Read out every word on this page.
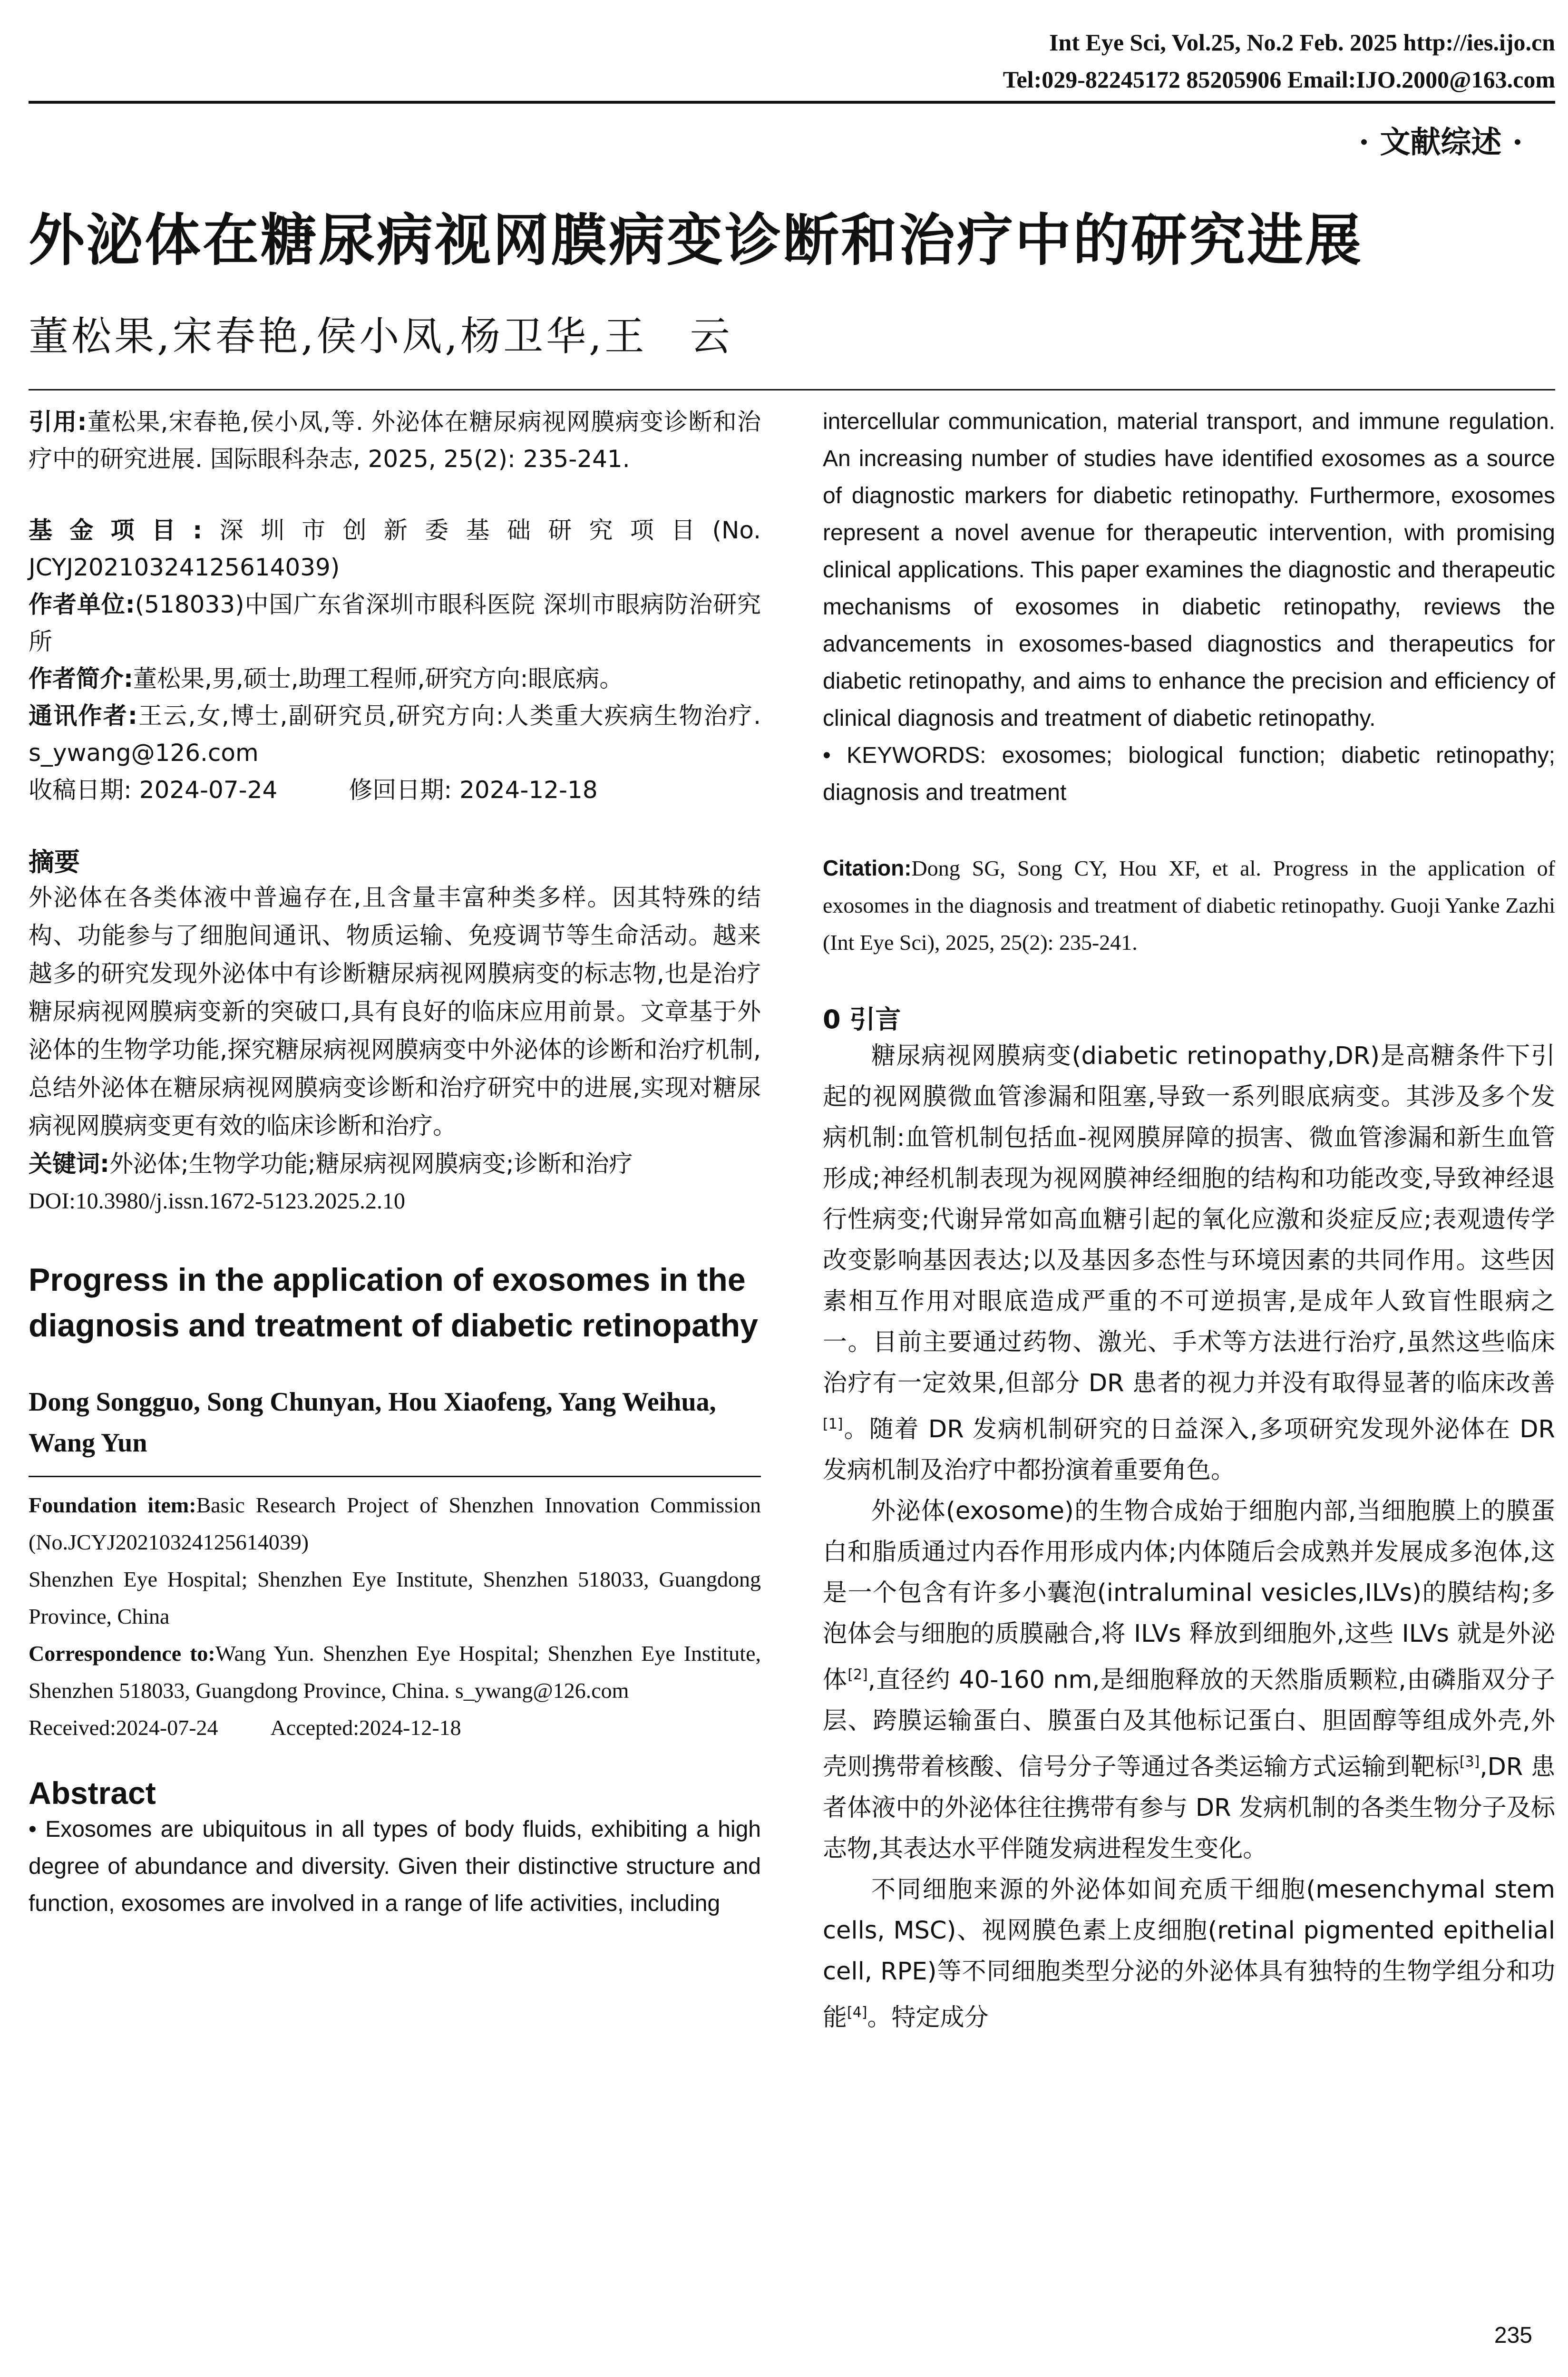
Int Eye Sci, Vol.25, No.2 Feb. 2025 http://ies.ijo.cn
Tel:029-82245172 85205906 Email:IJO.2000@163.com
· 文献综述 ·
外泌体在糖尿病视网膜病变诊断和治疗中的研究进展
董松果,宋春艳,侯小凤,杨卫华,王　云

引用:董松果,宋春艳,侯小凤,等. 外泌体在糖尿病视网膜病变诊断和治疗中的研究进展. 国际眼科杂志, 2025, 25(2): 235-241.

基金项目:深圳市创新委基础研究项目(No. JCYJ20210324125614039)

作者单位:(518033)中国广东省深圳市眼科医院 深圳市眼病防治研究所

作者简介:董松果,男,硕士,助理工程师,研究方向:眼底病。

通讯作者:王云,女,博士,副研究员,研究方向:人类重大疾病生物治疗. s_ywang@126.com

收稿日期: 2024-07-24	修回日期: 2024-12-18

摘要

外泌体在各类体液中普遍存在,且含量丰富种类多样。因其特殊的结构、功能参与了细胞间通讯、物质运输、免疫调节等生命活动。越来越多的研究发现外泌体中有诊断糖尿病视网膜病变的标志物,也是治疗糖尿病视网膜病变新的突破口,具有良好的临床应用前景。文章基于外泌体的生物学功能,探究糖尿病视网膜病变中外泌体的诊断和治疗机制,总结外泌体在糖尿病视网膜病变诊断和治疗研究中的进展,实现对糖尿病视网膜病变更有效的临床诊断和治疗。

关键词:外泌体;生物学功能;糖尿病视网膜病变;诊断和治疗

DOI:10.3980/j.issn.1672-5123.2025.2.10

Progress in the application of exosomes in the diagnosis and treatment of diabetic retinopathy

Dong Songguo, Song Chunyan, Hou Xiaofeng, Yang Weihua, Wang Yun

Foundation item:Basic Research Project of Shenzhen Innovation Commission (No.JCYJ20210324125614039)

Shenzhen Eye Hospital; Shenzhen Eye Institute, Shenzhen 518033, Guangdong Province, China

Correspondence to:Wang Yun. Shenzhen Eye Hospital; Shenzhen Eye Institute, Shenzhen 518033, Guangdong Province, China. s_ywang@126.com

Received:2024-07-24 Accepted:2024-12-18

Abstract

• Exosomes are ubiquitous in all types of body fluids, exhibiting a high degree of abundance and diversity. Given their distinctive structure and function, exosomes are involved in a range of life activities, including

intercellular communication, material transport, and immune regulation. An increasing number of studies have identified exosomes as a source of diagnostic markers for diabetic retinopathy. Furthermore, exosomes represent a novel avenue for therapeutic intervention, with promising clinical applications. This paper examines the diagnostic and therapeutic mechanisms of exosomes in diabetic retinopathy, reviews the advancements in exosomes-based diagnostics and therapeutics for diabetic retinopathy, and aims to enhance the precision and efficiency of clinical diagnosis and treatment of diabetic retinopathy.

• KEYWORDS: exosomes; biological function; diabetic retinopathy; diagnosis and treatment

Citation:Dong SG, Song CY, Hou XF, et al. Progress in the application of exosomes in the diagnosis and treatment of diabetic retinopathy. Guoji Yanke Zazhi (Int Eye Sci), 2025, 25(2): 235-241.

0 引言

糖尿病视网膜病变(diabetic retinopathy,DR)是高糖条件下引起的视网膜微血管渗漏和阻塞,导致一系列眼底病变。其涉及多个发病机制:血管机制包括血-视网膜屏障的损害、微血管渗漏和新生血管形成;神经机制表现为视网膜神经细胞的结构和功能改变,导致神经退行性病变;代谢异常如高血糖引起的氧化应激和炎症反应;表观遗传学改变影响基因表达;以及基因多态性与环境因素的共同作用。这些因素相互作用对眼底造成严重的不可逆损害,是成年人致盲性眼病之一。目前主要通过药物、激光、手术等方法进行治疗,虽然这些临床治疗有一定效果,但部分 DR 患者的视力并没有取得显著的临床改善[1]。随着 DR 发病机制研究的日益深入,多项研究发现外泌体在 DR 发病机制及治疗中都扮演着重要角色。

外泌体(exosome)的生物合成始于细胞内部,当细胞膜上的膜蛋白和脂质通过内吞作用形成内体;内体随后会成熟并发展成多泡体,这是一个包含有许多小囊泡(intraluminal vesicles,ILVs)的膜结构;多泡体会与细胞的质膜融合,将 ILVs 释放到细胞外,这些 ILVs 就是外泌体[2],直径约 40-160 nm,是细胞释放的天然脂质颗粒,由磷脂双分子层、跨膜运输蛋白、膜蛋白及其他标记蛋白、胆固醇等组成外壳,外壳则携带着核酸、信号分子等通过各类运输方式运输到靶标[3],DR 患者体液中的外泌体往往携带有参与 DR 发病机制的各类生物分子及标志物,其表达水平伴随发病进程发生变化。

不同细胞来源的外泌体如间充质干细胞(mesenchymal stem cells, MSC)、视网膜色素上皮细胞(retinal pigmented epithelial cell, RPE)等不同细胞类型分泌的外泌体具有独特的生物学组分和功能[4]。特定成分

235
